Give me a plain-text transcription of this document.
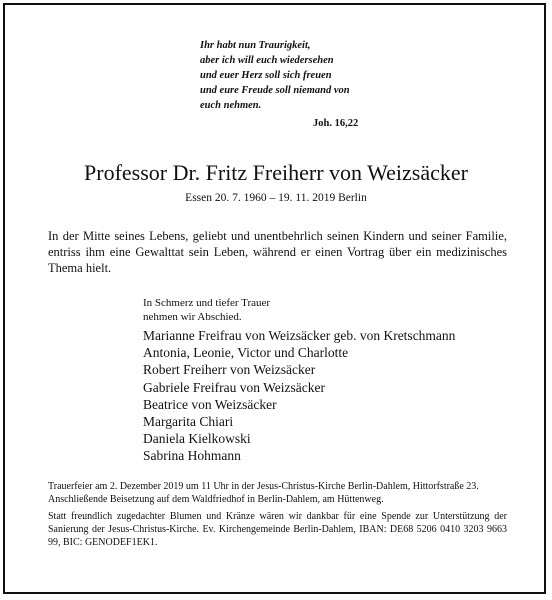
Ihr habt nun Traurigkeit,
aber ich will euch wiedersehen
und euer Herz soll sich freuen
und eure Freude soll niemand von
euch nehmen.
Joh. 16,22
Professor Dr. Fritz Freiherr von Weizsäcker
Essen 20. 7. 1960 – 19. 11. 2019 Berlin
In der Mitte seines Lebens, geliebt und unentbehrlich seinen Kindern und seiner Familie, entriss ihm eine Gewalttat sein Leben, während er einen Vortrag über ein medizinisches Thema hielt.
In Schmerz und tiefer Trauer
nehmen wir Abschied.
Marianne Freifrau von Weizsäcker geb. von Kretschmann
Antonia, Leonie, Victor und Charlotte
Robert Freiherr von Weizsäcker
Gabriele Freifrau von Weizsäcker
Beatrice von Weizsäcker
Margarita Chiari
Daniela Kielkowski
Sabrina Hohmann
Trauerfeier am 2. Dezember 2019 um 11 Uhr in der Jesus-Christus-Kirche Berlin-Dahlem, Hittorfstraße 23.
Anschließende Beisetzung auf dem Waldfriedhof in Berlin-Dahlem, am Hüttenweg.
Statt freundlich zugedachter Blumen und Kränze wären wir dankbar für eine Spende zur Unterstützung der Sanierung der Jesus-Christus-Kirche. Ev. Kirchengemeinde Berlin-Dahlem, IBAN: DE68 5206 0410 3203 9663 99, BIC: GENODEF1EK1.
